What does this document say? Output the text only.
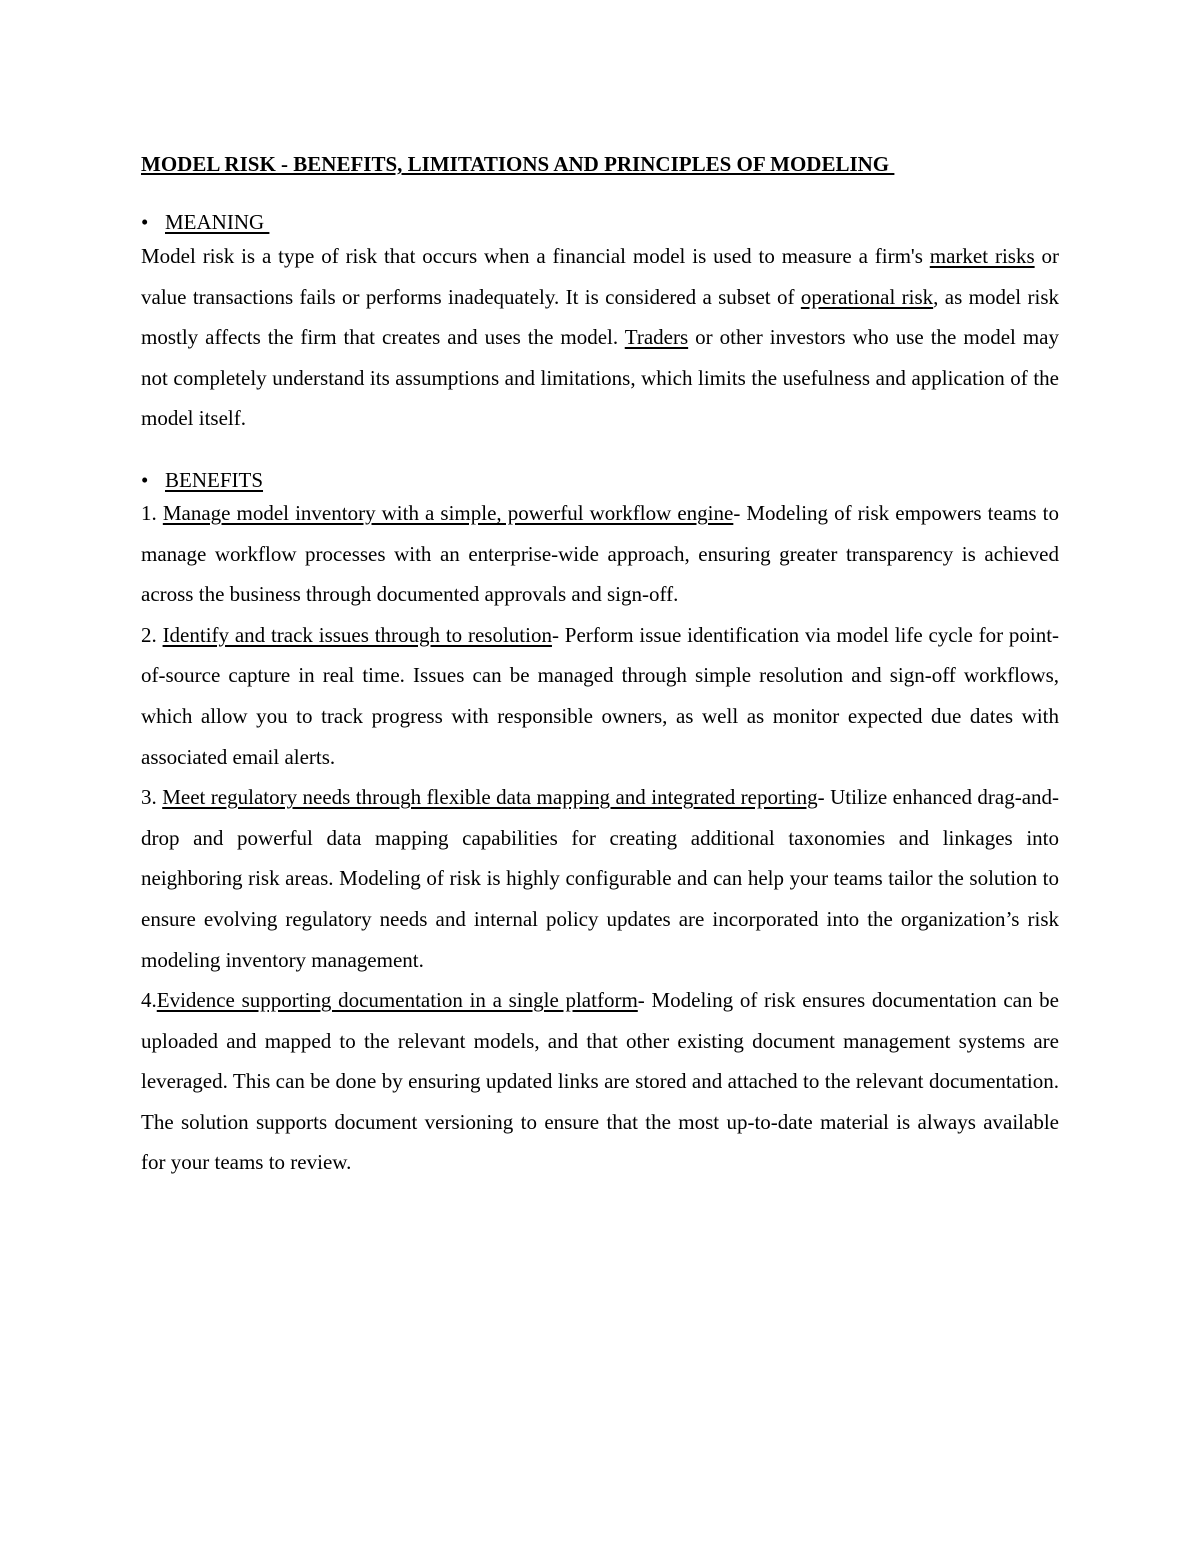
MODEL RISK - BENEFITS, LIMITATIONS AND PRINCIPLES OF MODELING
• MEANING

Model risk is a type of risk that occurs when a financial model is used to measure a firm's market risks or value transactions fails or performs inadequately. It is considered a subset of operational risk, as model risk mostly affects the firm that creates and uses the model. Traders or other investors who use the model may not completely understand its assumptions and limitations, which limits the usefulness and application of the model itself.

• BENEFITS

1. Manage model inventory with a simple, powerful workflow engine- Modeling of risk empowers teams to manage workflow processes with an enterprise-wide approach, ensuring greater transparency is achieved across the business through documented approvals and sign-off.

2. Identify and track issues through to resolution- Perform issue identification via model life cycle for point-of-source capture in real time. Issues can be managed through simple resolution and sign-off workflows, which allow you to track progress with responsible owners, as well as monitor expected due dates with associated email alerts.

3. Meet regulatory needs through flexible data mapping and integrated reporting- Utilize enhanced drag-and-drop and powerful data mapping capabilities for creating additional taxonomies and linkages into neighboring risk areas. Modeling of risk is highly configurable and can help your teams tailor the solution to ensure evolving regulatory needs and internal policy updates are incorporated into the organization’s risk modeling inventory management.

4.Evidence supporting documentation in a single platform- Modeling of risk ensures documentation can be uploaded and mapped to the relevant models, and that other existing document management systems are leveraged. This can be done by ensuring updated links are stored and attached to the relevant documentation. The solution supports document versioning to ensure that the most up-to-date material is always available for your teams to review.
